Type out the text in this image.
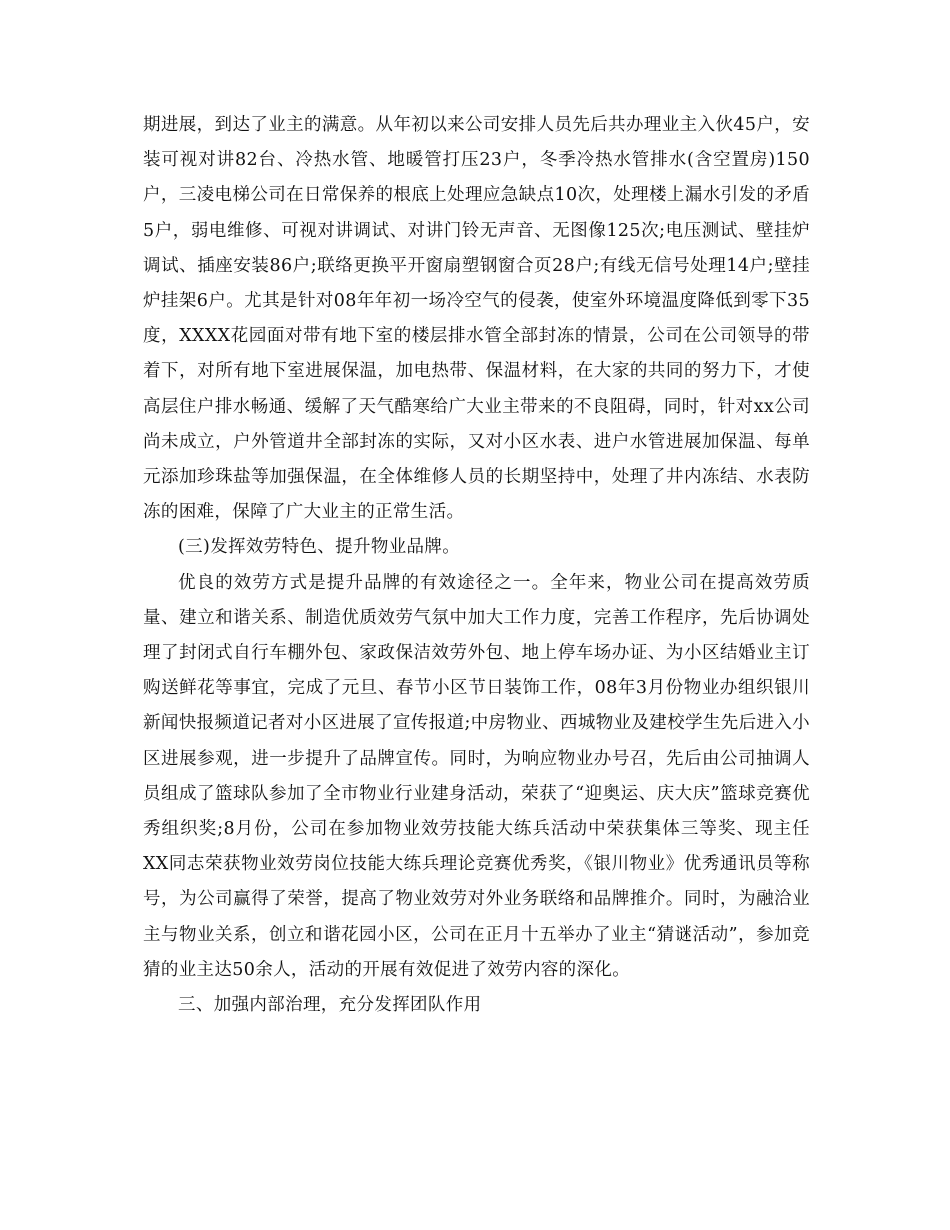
期进展，到达了业主的满意。从年初以来公司安排人员先后共办理业主入伙45户，安装可视对讲82台、冷热水管、地暖管打压23户，冬季冷热水管排水(含空置房)150户，三凌电梯公司在日常保养的根底上处理应急缺点10次，处理楼上漏水引发的矛盾5户，弱电维修、可视对讲调试、对讲门铃无声音、无图像125次;电压测试、壁挂炉调试、插座安装86户;联络更换平开窗扇塑钢窗合页28户;有线无信号处理14户;壁挂炉挂架6户。尤其是针对08年年初一场冷空气的侵袭，使室外环境温度降低到零下35度，XXXX花园面对带有地下室的楼层排水管全部封冻的情景，公司在公司领导的带着下，对所有地下室进展保温，加电热带、保温材料，在大家的共同的努力下，才使高层住户排水畅通、缓解了天气酷寒给广大业主带来的不良阻碍，同时，针对xx公司尚未成立，户外管道井全部封冻的实际，又对小区水表、进户水管进展加保温、每单元添加珍珠盐等加强保温，在全体维修人员的长期坚持中，处理了井内冻结、水表防冻的困难，保障了广大业主的正常生活。

(三)发挥效劳特色、提升物业品牌。

优良的效劳方式是提升品牌的有效途径之一。全年来，物业公司在提高效劳质量、建立和谐关系、制造优质效劳气氛中加大工作力度，完善工作程序，先后协调处理了封闭式自行车棚外包、家政保洁效劳外包、地上停车场办证、为小区结婚业主订购送鲜花等事宜，完成了元旦、春节小区节日装饰工作，08年3月份物业办组织银川新闻快报频道记者对小区进展了宣传报道;中房物业、西城物业及建校学生先后进入小区进展参观，进一步提升了品牌宣传。同时，为响应物业办号召，先后由公司抽调人员组成了篮球队参加了全市物业行业建身活动，荣获了“迎奥运、庆大庆”篮球竞赛优秀组织奖;8月份，公司在参加物业效劳技能大练兵活动中荣获集体三等奖、现主任XX同志荣获物业效劳岗位技能大练兵理论竞赛优秀奖，《银川物业》优秀通讯员等称号，为公司赢得了荣誉，提高了物业效劳对外业务联络和品牌推介。同时，为融洽业主与物业关系，创立和谐花园小区，公司在正月十五举办了业主“猜谜活动”，参加竞猜的业主达50余人，活动的开展有效促进了效劳内容的深化。

三、加强内部治理，充分发挥团队作用
